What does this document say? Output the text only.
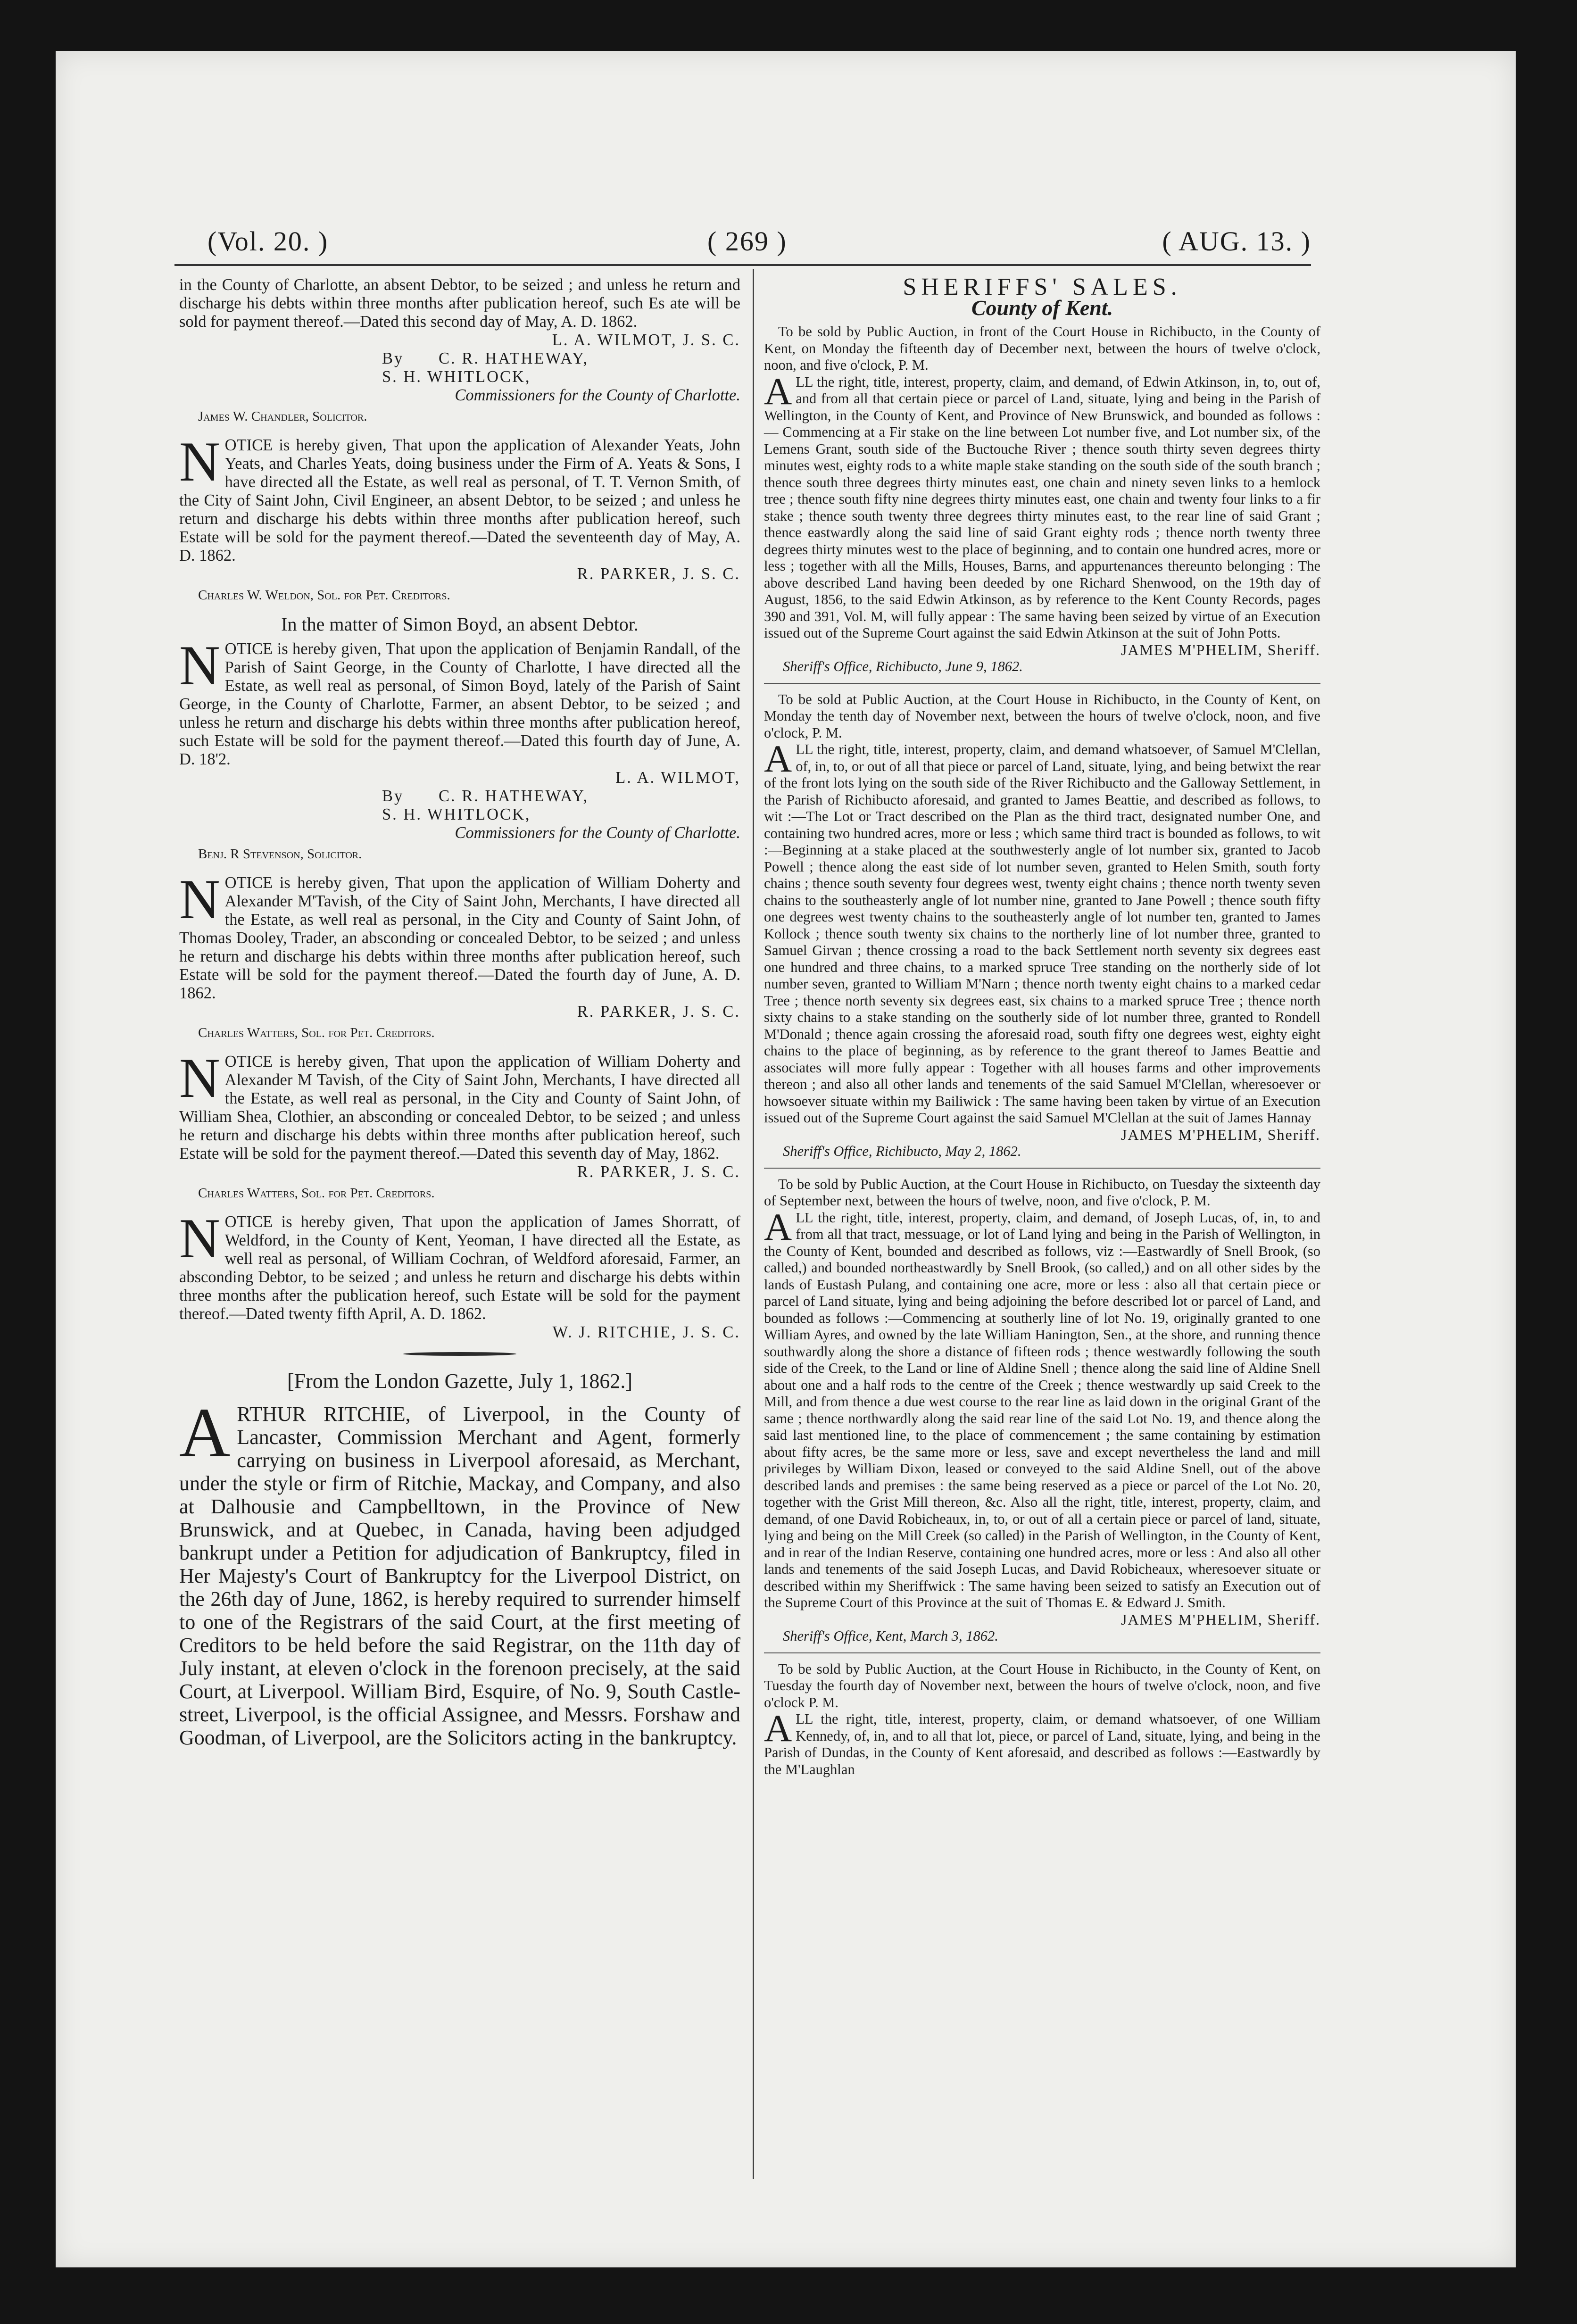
(Vol. 20. )	( 269 )	( AUG. 13. )

in the County of Charlotte, an absent Debtor, to be seized ; and unless he return and discharge his debts within three months after publication hereof, such Es ate will be sold for payment thereof.—Dated this second day of May, A. D. 1862.

L. A. WILMOT, J. S. C.

By C. R. HATHEWAY,

S. H. WHITLOCK,

Commissioners for the County of Charlotte.

James W. Chandler, Solicitor.

NOTICE is hereby given, That upon the application of Alexander Yeats, John Yeats, and Charles Yeats, doing business under the Firm of A. Yeats & Sons, I have directed all the Estate, as well real as personal, of T. T. Vernon Smith, of the City of Saint John, Civil Engineer, an absent Debtor, to be seized ; and unless he return and discharge his debts within three months after publication hereof, such Estate will be sold for the payment thereof.—Dated the seventeenth day of May, A. D. 1862.

R. PARKER, J. S. C.

Charles W. Weldon, Sol. for Pet. Creditors.

In the matter of Simon Boyd, an absent Debtor.

NOTICE is hereby given, That upon the application of Benjamin Randall, of the Parish of Saint George, in the County of Charlotte, I have directed all the Estate, as well real as personal, of Simon Boyd, lately of the Parish of Saint George, in the County of Charlotte, Farmer, an absent Debtor, to be seized ; and unless he return and discharge his debts within three months after publication hereof, such Estate will be sold for the payment thereof.—Dated this fourth day of June, A. D. 18'2.

L. A. WILMOT,

By C. R. HATHEWAY,

S. H. WHITLOCK,

Commissioners for the County of Charlotte.

Benj. R Stevenson, Solicitor.

NOTICE is hereby given, That upon the application of William Doherty and Alexander M'Tavish, of the City of Saint John, Merchants, I have directed all the Estate, as well real as personal, in the City and County of Saint John, of Thomas Dooley, Trader, an absconding or concealed Debtor, to be seized ; and unless he return and discharge his debts within three months after publication hereof, such Estate will be sold for the payment thereof.—Dated the fourth day of June, A. D. 1862.

R. PARKER, J. S. C.

Charles Watters, Sol. for Pet. Creditors.

NOTICE is hereby given, That upon the application of William Doherty and Alexander M Tavish, of the City of Saint John, Merchants, I have directed all the Estate, as well real as personal, in the City and County of Saint John, of William Shea, Clothier, an absconding or concealed Debtor, to be seized ; and unless he return and discharge his debts within three months after publication hereof, such Estate will be sold for the payment thereof.—Dated this seventh day of May, 1862.

R. PARKER, J. S. C.

Charles Watters, Sol. for Pet. Creditors.

NOTICE is hereby given, That upon the application of James Shorratt, of Weldford, in the County of Kent, Yeoman, I have directed all the Estate, as well real as personal, of William Cochran, of Weldford aforesaid, Farmer, an absconding Debtor, to be seized ; and unless he return and discharge his debts within three months after the publication hereof, such Estate will be sold for the payment thereof.—Dated twenty fifth April, A. D. 1862.

W. J. RITCHIE, J. S. C.

[From the London Gazette, July 1, 1862.]

ARTHUR RITCHIE, of Liverpool, in the County of Lancaster, Commission Merchant and Agent, formerly carrying on business in Liverpool aforesaid, as Merchant, under the style or firm of Ritchie, Mackay, and Company, and also at Dalhousie and Campbelltown, in the Province of New Brunswick, and at Quebec, in Canada, having been adjudged bankrupt under a Petition for adjudication of Bankruptcy, filed in Her Majesty's Court of Bankruptcy for the Liverpool District, on the 26th day of June, 1862, is hereby required to surrender himself to one of the Registrars of the said Court, at the first meeting of Creditors to be held before the said Registrar, on the 11th day of July instant, at eleven o'clock in the forenoon precisely, at the said Court, at Liverpool. William Bird, Esquire, of No. 9, South Castle-street, Liverpool, is the official Assignee, and Messrs. Forshaw and Goodman, of Liverpool, are the Solicitors acting in the bankruptcy.

SHERIFFS' SALES.

County of Kent.

To be sold by Public Auction, in front of the Court House in Richibucto, in the County of Kent, on Monday the fifteenth day of December next, between the hours of twelve o'clock, noon, and five o'clock, P. M.

ALL the right, title, interest, property, claim, and demand, of Edwin Atkinson, in, to, out of, and from all that certain piece or parcel of Land, situate, lying and being in the Parish of Wellington, in the County of Kent, and Province of New Brunswick, and bounded as follows :— Commencing at a Fir stake on the line between Lot number five, and Lot number six, of the Lemens Grant, south side of the Buctouche River ; thence south thirty seven degrees thirty minutes west, eighty rods to a white maple stake standing on the south side of the south branch ; thence south three degrees thirty minutes east, one chain and ninety seven links to a hemlock tree ; thence south fifty nine degrees thirty minutes east, one chain and twenty four links to a fir stake ; thence south twenty three degrees thirty minutes east, to the rear line of said Grant ; thence eastwardly along the said line of said Grant eighty rods ; thence north twenty three degrees thirty minutes west to the place of beginning, and to contain one hundred acres, more or less ; together with all the Mills, Houses, Barns, and appurtenances thereunto belonging : The above described Land having been deeded by one Richard Shenwood, on the 19th day of August, 1856, to the said Edwin Atkinson, as by reference to the Kent County Records, pages 390 and 391, Vol. M, will fully appear : The same having been seized by virtue of an Execution issued out of the Supreme Court against the said Edwin Atkinson at the suit of John Potts.

JAMES M'PHELIM, Sheriff.

Sheriff's Office, Richibucto, June 9, 1862.

To be sold at Public Auction, at the Court House in Richibucto, in the County of Kent, on Monday the tenth day of November next, between the hours of twelve o'clock, noon, and five o'clock, P. M.

ALL the right, title, interest, property, claim, and demand whatsoever, of Samuel M'Clellan, of, in, to, or out of all that piece or parcel of Land, situate, lying, and being betwixt the rear of the front lots lying on the south side of the River Richibucto and the Galloway Settlement, in the Parish of Richibucto aforesaid, and granted to James Beattie, and described as follows, to wit :—The Lot or Tract described on the Plan as the third tract, designated number One, and containing two hundred acres, more or less ; which same third tract is bounded as follows, to wit :—Beginning at a stake placed at the southwesterly angle of lot number six, granted to Jacob Powell ; thence along the east side of lot number seven, granted to Helen Smith, south forty chains ; thence south seventy four degrees west, twenty eight chains ; thence north twenty seven chains to the southeasterly angle of lot number nine, granted to Jane Powell ; thence south fifty one degrees west twenty chains to the southeasterly angle of lot number ten, granted to James Kollock ; thence south twenty six chains to the northerly line of lot number three, granted to Samuel Girvan ; thence crossing a road to the back Settlement north seventy six degrees east one hundred and three chains, to a marked spruce Tree standing on the northerly side of lot number seven, granted to William M'Narn ; thence north twenty eight chains to a marked cedar Tree ; thence north seventy six degrees east, six chains to a marked spruce Tree ; thence north sixty chains to a stake standing on the southerly side of lot number three, granted to Rondell M'Donald ; thence again crossing the aforesaid road, south fifty one degrees west, eighty eight chains to the place of beginning, as by reference to the grant thereof to James Beattie and associates will more fully appear : Together with all houses farms and other improvements thereon ; and also all other lands and tenements of the said Samuel M'Clellan, wheresoever or howsoever situate within my Bailiwick : The same having been taken by virtue of an Execution issued out of the Supreme Court against the said Samuel M'Clellan at the suit of James Hannay

JAMES M'PHELIM, Sheriff.

Sheriff's Office, Richibucto, May 2, 1862.

To be sold by Public Auction, at the Court House in Richibucto, on Tuesday the sixteenth day of September next, between the hours of twelve, noon, and five o'clock, P. M.

ALL the right, title, interest, property, claim, and demand, of Joseph Lucas, of, in, to and from all that tract, messuage, or lot of Land lying and being in the Parish of Wellington, in the County of Kent, bounded and described as follows, viz :—Eastwardly of Snell Brook, (so called,) and bounded northeastwardly by Snell Brook, (so called,) and on all other sides by the lands of Eustash Pulang, and containing one acre, more or less : also all that certain piece or parcel of Land situate, lying and being adjoining the before described lot or parcel of Land, and bounded as follows :—Commencing at southerly line of lot No. 19, originally granted to one William Ayres, and owned by the late William Hanington, Sen., at the shore, and running thence southwardly along the shore a distance of fifteen rods ; thence westwardly following the south side of the Creek, to the Land or line of Aldine Snell ; thence along the said line of Aldine Snell about one and a half rods to the centre of the Creek ; thence westwardly up said Creek to the Mill, and from thence a due west course to the rear line as laid down in the original Grant of the same ; thence northwardly along the said rear line of the said Lot No. 19, and thence along the said last mentioned line, to the place of commencement ; the same containing by estimation about fifty acres, be the same more or less, save and except nevertheless the land and mill privileges by William Dixon, leased or conveyed to the said Aldine Snell, out of the above described lands and premises : the same being reserved as a piece or parcel of the Lot No. 20, together with the Grist Mill thereon, &c. Also all the right, title, interest, property, claim, and demand, of one David Robicheaux, in, to, or out of all a certain piece or parcel of land, situate, lying and being on the Mill Creek (so called) in the Parish of Wellington, in the County of Kent, and in rear of the Indian Reserve, containing one hundred acres, more or less : And also all other lands and tenements of the said Joseph Lucas, and David Robicheaux, wheresoever situate or described within my Sheriffwick : The same having been seized to satisfy an Execution out of the Supreme Court of this Province at the suit of Thomas E. & Edward J. Smith.

JAMES M'PHELIM, Sheriff.

Sheriff's Office, Kent, March 3, 1862.

To be sold by Public Auction, at the Court House in Richibucto, in the County of Kent, on Tuesday the fourth day of November next, between the hours of twelve o'clock, noon, and five o'clock P. M.

ALL the right, title, interest, property, claim, or demand whatsoever, of one William Kennedy, of, in, and to all that lot, piece, or parcel of Land, situate, lying, and being in the Parish of Dundas, in the County of Kent aforesaid, and described as follows :—Eastwardly by the M'Laughlan
